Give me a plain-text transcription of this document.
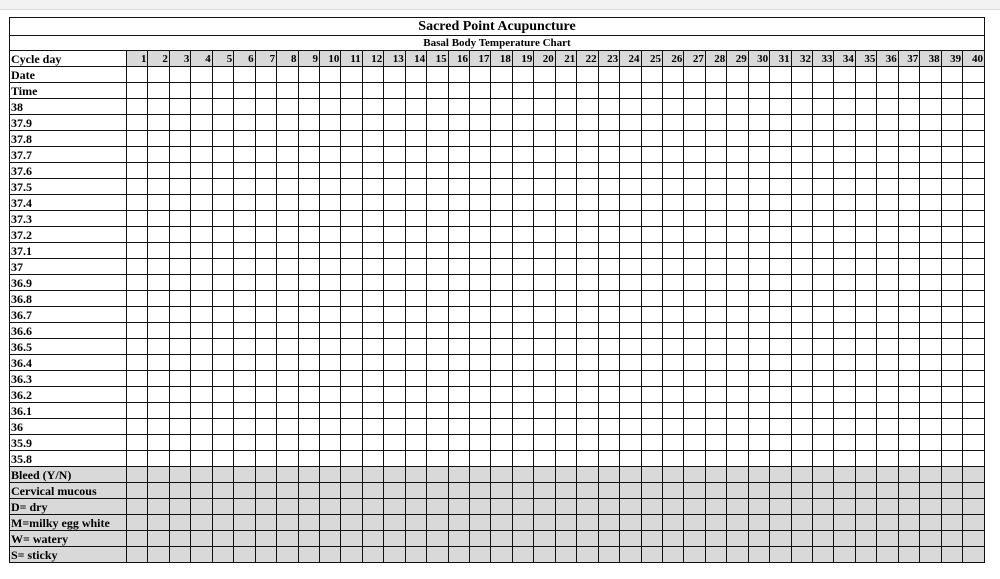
Sacred Point Acupuncture																																								
Basal Body Temperature Chart																																								
Cycle day	1	2	3	4	5	6	7	8	9	10	11	12	13	14	15	16	17	18	19	20	21	22	23	24	25	26	27	28	29	30	31	32	33	34	35	36	37	38	39	40
Date																																								
Time																																								
38																																								
37.9																																								
37.8																																								
37.7																																								
37.6																																								
37.5																																								
37.4																																								
37.3																																								
37.2																																								
37.1																																								
37																																								
36.9																																								
36.8																																								
36.7																																								
36.6																																								
36.5																																								
36.4																																								
36.3																																								
36.2																																								
36.1																																								
36																																								
35.9																																								
35.8																																								
Bleed (Y/N)																																								
Cervical mucous																																								
D= dry																																								
M=milky egg white																																								
W= watery																																								
S= sticky																																								
